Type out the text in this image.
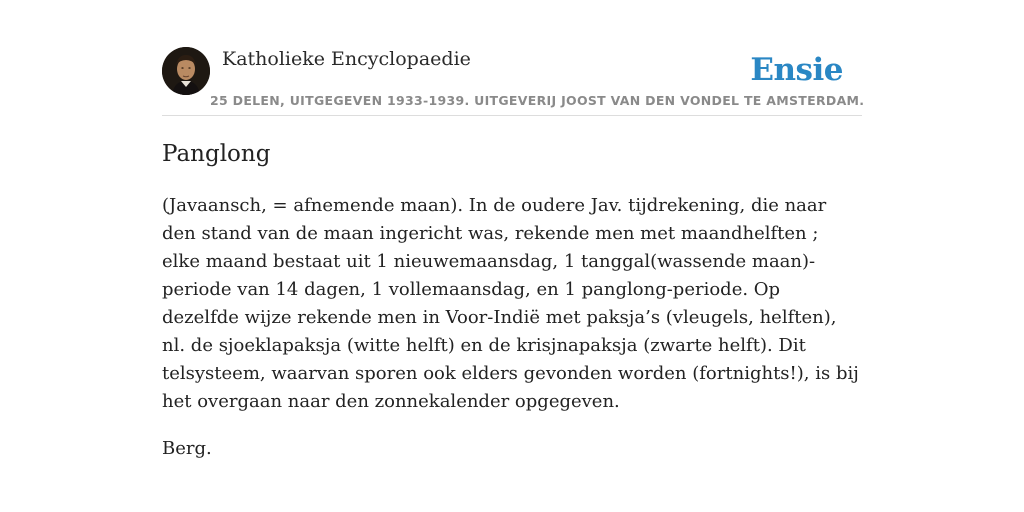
Katholieke Encyclopaedie
25 DELEN, UITGEGEVEN 1933-1939. UITGEVERIJ JOOST VAN DEN VONDEL TE AMSTERDAM.
Ensie
Panglong

(Javaansch, = afnemende maan). In de oudere Jav. tijdrekening, die naar den stand van de maan ingericht was, rekende men met maandhelften ; elke maand bestaat uit 1 nieuwemaansdag, 1 tanggal(wassende maan)-periode van 14 dagen, 1 vollemaansdag, en 1 panglong-periode. Op dezelfde wijze rekende men in Voor-Indië met paksja’s (vleugels, helften), nl. de sjoeklapaksja (witte helft) en de krisjnapaksja (zwarte helft). Dit telsysteem, waarvan sporen ook elders gevonden worden (fortnights!), is bij het overgaan naar den zonnekalender opgegeven.

Berg.
